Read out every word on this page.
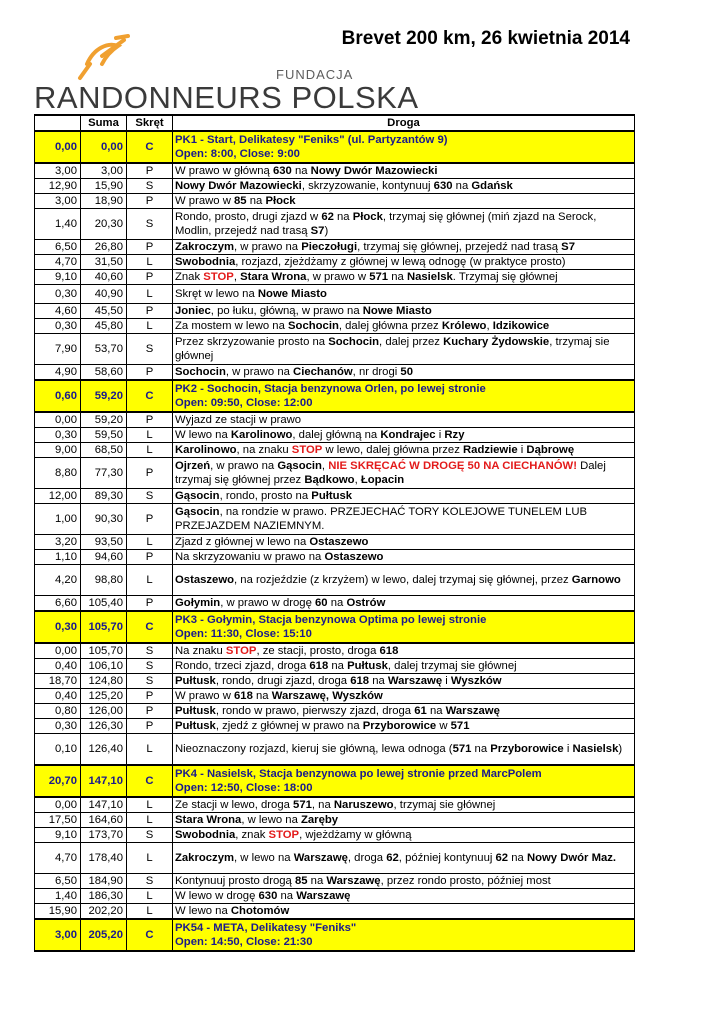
FUNDACJA
RANDONNEURS POLSKA
Brevet 200 km, 26 kwietnia 2014
	Suma	Skręt	Droga
0,00	0,00	C	PK1 - Start, Delikatesy "Feniks" (ul. Partyzantów 9)
Open: 8:00, Close: 9:00
3,00	3,00	P	W prawo w główną 630 na Nowy Dwór Mazowiecki
12,90	15,90	S	Nowy Dwór Mazowiecki, skrzyzowanie, kontynuuj 630 na Gdańsk
3,00	18,90	P	W prawo w 85 na Płock
1,40	20,30	S	Rondo, prosto, drugi zjazd w 62 na Płock, trzymaj się głównej (miń zjazd na Serock, Modlin, przejedź nad trasą S7)
6,50	26,80	P	Zakroczym, w prawo na Pieczoługi, trzymaj się głównej, przejedź nad trasą S7
4,70	31,50	L	Swobodnia, rozjazd, zjeżdżamy z głównej w lewą odnogę (w praktyce prosto)
9,10	40,60	P	Znak STOP, Stara Wrona, w prawo w 571 na Nasielsk. Trzymaj się głównej
0,30	40,90	L	Skręt w lewo na Nowe Miasto
4,60	45,50	P	Joniec, po łuku, główną, w prawo na Nowe Miasto
0,30	45,80	L	Za mostem w lewo na Sochocin, dalej główna przez Królewo, Idzikowice
7,90	53,70	S	Przez skrzyzowanie prosto na Sochocin, dalej przez Kuchary Żydowskie, trzymaj sie głównej
4,90	58,60	P	Sochocin, w prawo na Ciechanów, nr drogi 50
0,60	59,20	C	PK2 - Sochocin, Stacja benzynowa Orlen, po lewej stronie
Open: 09:50, Close: 12:00
0,00	59,20	P	Wyjazd ze stacji w prawo
0,30	59,50	L	W lewo na Karolinowo, dalej główną na Kondrajec i Rzy
9,00	68,50	L	Karolinowo, na znaku STOP w lewo, dalej główna przez Radziewie i Dąbrowę
8,80	77,30	P	Ojrzeń, w prawo na Gąsocin, NIE SKRĘCAĆ W DROGĘ 50 NA CIECHANÓW! Dalej trzymaj się głównej przez Bądkowo, Łopacin
12,00	89,30	S	Gąsocin, rondo, prosto na Pułtusk
1,00	90,30	P	Gąsocin, na rondzie w prawo. PRZEJECHAĆ TORY KOLEJOWE TUNELEM LUB PRZEJAZDEM NAZIEMNYM.
3,20	93,50	L	Zjazd z głównej w lewo na Ostaszewo
1,10	94,60	P	Na skrzyzowaniu w prawo na Ostaszewo
4,20	98,80	L	Ostaszewo, na rozjeździe (z krzyżem) w lewo, dalej trzymaj się głównej, przez Garnowo
6,60	105,40	P	Gołymin, w prawo w drogę 60 na Ostrów
0,30	105,70	C	PK3 - Gołymin, Stacja benzynowa Optima po lewej stronie
Open: 11:30, Close: 15:10
0,00	105,70	S	Na znaku STOP, ze stacji, prosto, droga 618
0,40	106,10	S	Rondo, trzeci zjazd, droga 618 na Pułtusk, dalej trzymaj sie głównej
18,70	124,80	S	Pułtusk, rondo, drugi zjazd, droga 618 na Warszawę i Wyszków
0,40	125,20	P	W prawo w 618 na Warszawę, Wyszków
0,80	126,00	P	Pułtusk, rondo w prawo, pierwszy zjazd, droga 61 na Warszawę
0,30	126,30	P	Pułtusk, zjedź z głównej w prawo na Przyborowice w 571
0,10	126,40	L	Nieoznaczony rozjazd, kieruj sie główną, lewa odnoga (571 na Przyborowice i Nasielsk)
20,70	147,10	C	PK4 - Nasielsk, Stacja benzynowa po lewej stronie przed MarcPolem
Open: 12:50, Close: 18:00
0,00	147,10	L	Ze stacji w lewo, droga 571, na Naruszewo, trzymaj sie głównej
17,50	164,60	L	Stara Wrona, w lewo na Zaręby
9,10	173,70	S	Swobodnia, znak STOP, wjeżdżamy w główną
4,70	178,40	L	Zakroczym, w lewo na Warszawę, droga 62, później kontynuuj 62 na Nowy Dwór Maz.
6,50	184,90	S	Kontynuuj prosto drogą 85 na Warszawę, przez rondo prosto, później most
1,40	186,30	L	W lewo w drogę 630 na Warszawę
15,90	202,20	L	W lewo na Chotomów
3,00	205,20	C	PK54 - META, Delikatesy "Feniks"
Open: 14:50, Close: 21:30
